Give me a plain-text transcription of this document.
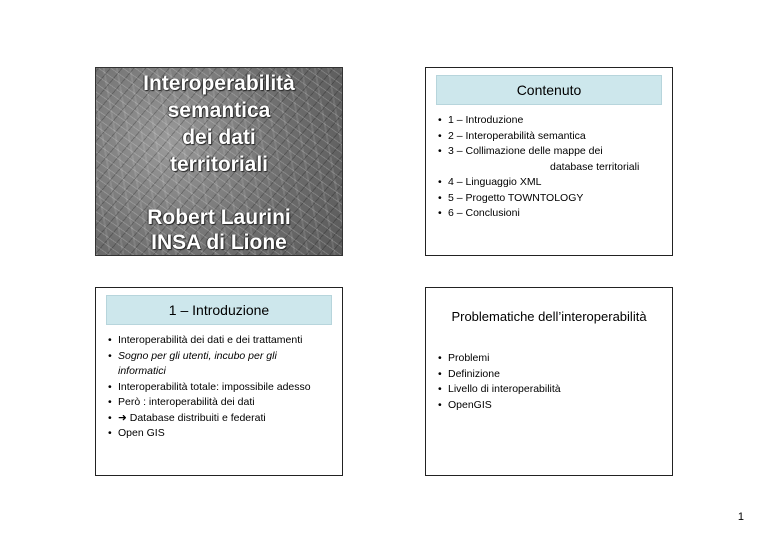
Interoperabilità
semantica
dei dati
territoriali
Robert Laurini
INSA di Lione
Contenuto
• 1 – Introduzione
• 2 – Interoperabilità semantica
• 3 – Collimazione delle mappe dei
database territoriali
• 4 – Linguaggio XML
• 5 – Progetto TOWNTOLOGY
• 6 – Conclusioni
1 – Introduzione
• Interoperabilità dei dati e dei trattamenti
• Sogno per gli utenti, incubo per gli
informatici
• Interoperabilità totale: impossibile adesso
• Però : interoperabilità dei dati
• ➜ Database distribuiti e federati
• Open GIS
Problematiche dell’interoperabilità
• Problemi
• Definizione
• Livello di interoperabilità
• OpenGIS
1
